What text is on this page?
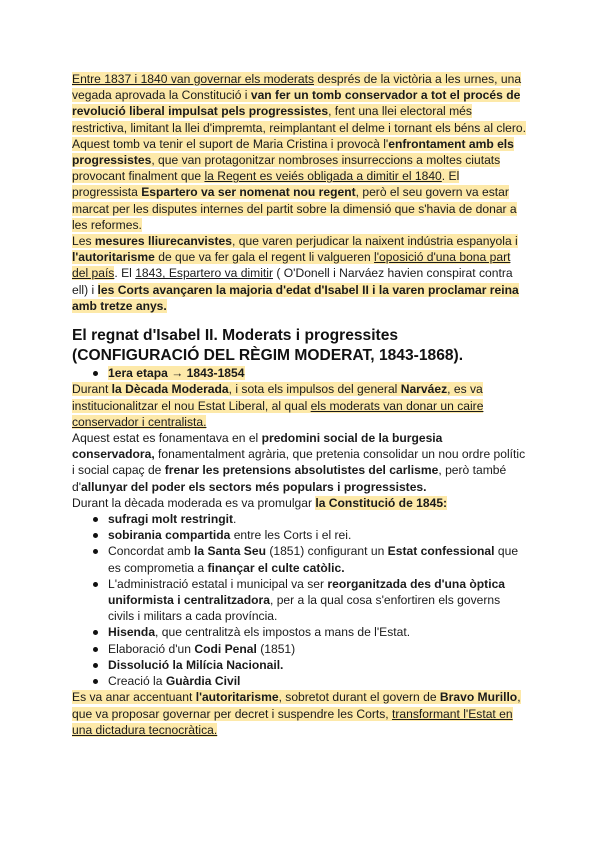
Entre 1837 i 1840 van governar els moderats després de la victòria a les urnes, una vegada aprovada la Constitució i van fer un tomb conservador a tot el procés de revolució liberal impulsat pels progressistes, fent una llei electoral més restrictiva, limitant la llei d'impremta, reimplantant el delme i tornant els béns al clero. Aquest tomb va tenir el suport de Maria Cristina i provocà l'enfrontament amb els progressistes, que van protagonitzar nombroses insurreccions a moltes ciutats provocant finalment que la Regent es veiés obligada a dimitir el 1840. El progressista Espartero va ser nomenat nou regent, però el seu govern va estar marcat per les disputes internes del partit sobre la dimensió que s'havia de donar a les reformes.

Les mesures lliurecanvistes, que varen perjudicar la naixent indústria espanyola i l'autoritarisme de que va fer gala el regent li valgueren l'oposició d'una bona part del país. El 1843, Espartero va dimitir ( O'Donell i Narváez havien conspirat contra ell) i les Corts avançaren la majoria d'edat d'Isabel II i la varen proclamar reina amb tretze anys.

El regnat d'Isabel II. Moderats i progressites
(CONFIGURACIÓ DEL RÈGIM MODERAT, 1843-1868).
1era etapa → 1843-1854

Durant la Dècada Moderada, i sota els impulsos del general Narváez, es va institucionalitzar el nou Estat Liberal, al qual els moderats van donar un caire conservador i centralista.

Aquest estat es fonamentava en el predomini social de la burgesia conservadora, fonamentalment agrària, que pretenia consolidar un nou ordre polític i social capaç de frenar les pretensions absolutistes del carlisme, però també d'allunyar del poder els sectors més populars i progressistes.

Durant la dècada moderada es va promulgar la Constitució de 1845:

sufragi molt restringit.
sobirania compartida entre les Corts i el rei.
Concordat amb la Santa Seu (1851) configurant un Estat confessional que es comprometia a finançar el culte catòlic.
L'administració estatal i municipal va ser reorganitzada des d'una òptica uniformista i centralitzadora, per a la qual cosa s'enfortiren els governs civils i militars a cada província.
Hisenda, que centralitzà els impostos a mans de l'Estat.
Elaboració d'un Codi Penal (1851)
Dissolució la Milícia Nacionail.
Creació la Guàrdia Civil

Es va anar accentuant l'autoritarisme, sobretot durant el govern de Bravo Murillo, que va proposar governar per decret i suspendre les Corts, transformant l'Estat en una dictadura tecnocràtica.
